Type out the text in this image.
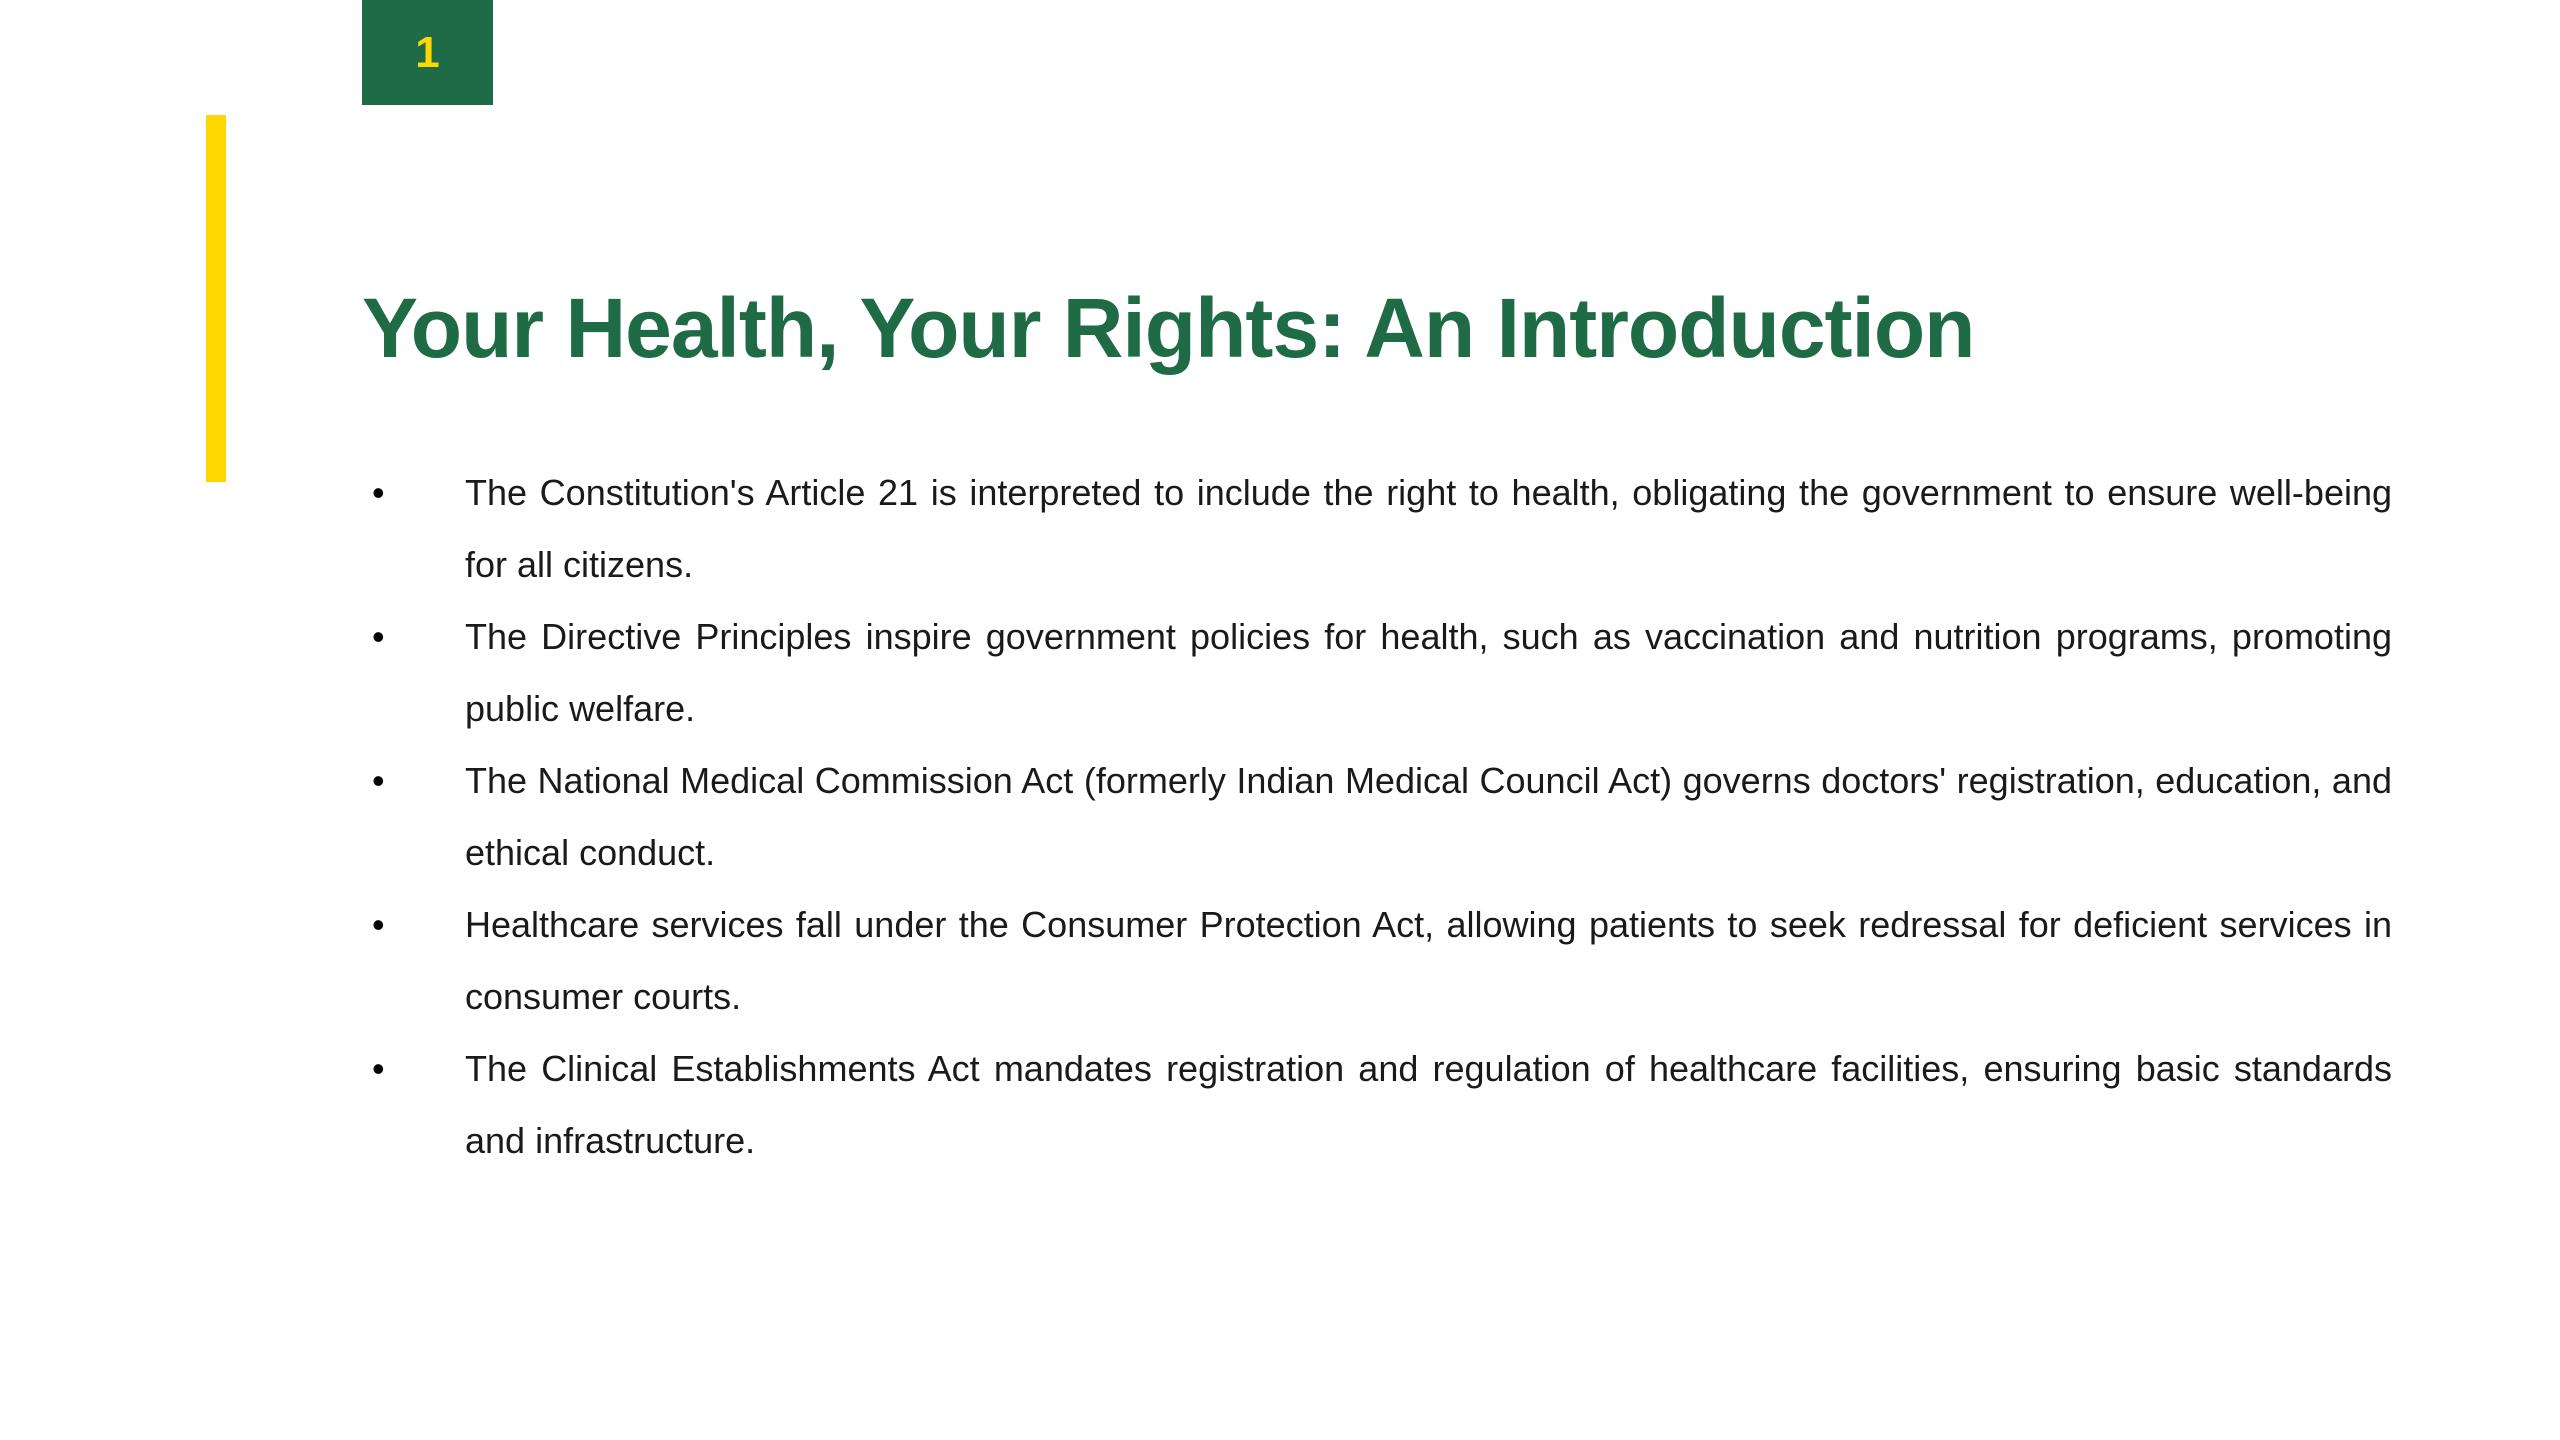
1
Your Health, Your Rights: An Introduction
• The Constitution's Article 21 is interpreted to include the right to health, obligating the government to ensure well-being for all citizens.
• The Directive Principles inspire government policies for health, such as vaccination and nutrition programs, promoting public welfare.
• The National Medical Commission Act (formerly Indian Medical Council Act) governs doctors' registration, education, and ethical conduct.
• Healthcare services fall under the Consumer Protection Act, allowing patients to seek redressal for deficient services in consumer courts.
• The Clinical Establishments Act mandates registration and regulation of healthcare facilities, ensuring basic standards and infrastructure.
